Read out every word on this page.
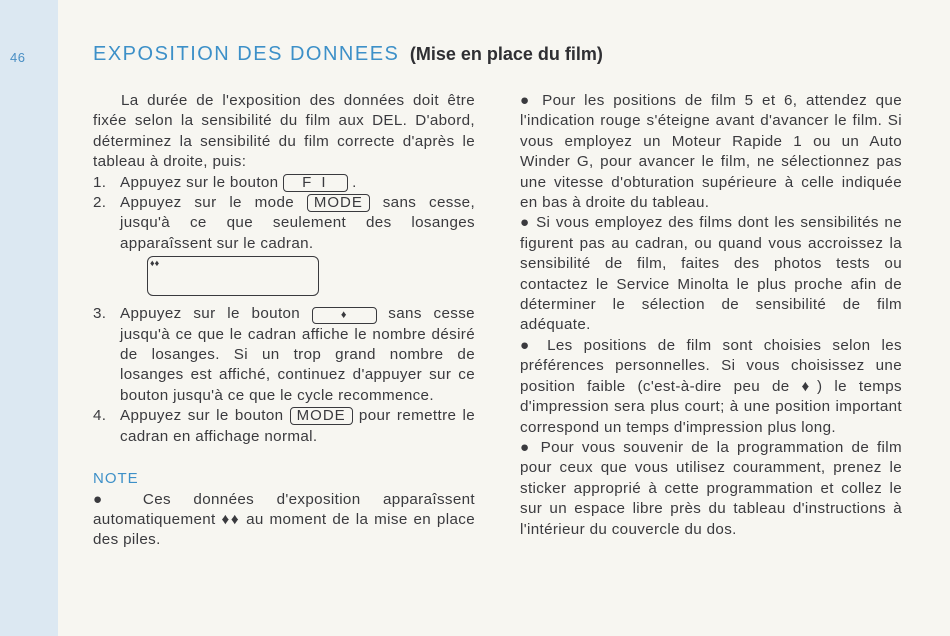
46	EXPOSITION DES DONNEES (Mise en place du film)
La durée de l'exposition des données doit être fixée selon la sensibilité du film aux DEL. D'abord, déterminez la sensibilité du film correcte d'après le tableau à droite, puis:
1. Appuyez sur le bouton F I .
2. Appuyez sur le mode MODE sans cesse, jusqu'à ce que seulement des losanges apparaîssent sur le cadran.
♦♦
3. Appuyez sur le bouton	♦	sans cesse jusqu'à ce que le cadran affiche le nombre désiré de losanges. Si un trop grand nombre de losanges est affiché, continuez d'appuyer sur ce bouton jusqu'à ce que le cycle recommence.
4. Appuyez sur le bouton MODE pour remettre le cadran en affichage normal.
NOTE
● Ces données d'exposition apparaîssent automatiquement ♦♦ au moment de la mise en place des piles.

● Pour les positions de film 5 et 6, attendez que l'indication rouge s'éteigne avant d'avancer le film. Si vous employez un Moteur Rapide 1 ou un Auto Winder G, pour avancer le film, ne sélectionnez pas une vitesse d'obturation supérieure à celle indiquée en bas à droite du tableau.

● Si vous employez des films dont les sensibilités ne figurent pas au cadran, ou quand vous accroissez la sensibilité de film, faites des photos tests ou contactez le Service Minolta le plus proche afin de déterminer le sélection de sensibilité de film adéquate.

● Les positions de film sont choisies selon les préférences personnelles. Si vous choisissez une position faible (c'est-à-dire peu de ♦) le temps d'impression sera plus court; à une position important correspond un temps d'impression plus long.

● Pour vous souvenir de la programmation de film pour ceux que vous utilisez couramment, prenez le sticker approprié à cette programmation et collez le sur un espace libre près du tableau d'instructions à l'intérieur du couvercle du dos.
